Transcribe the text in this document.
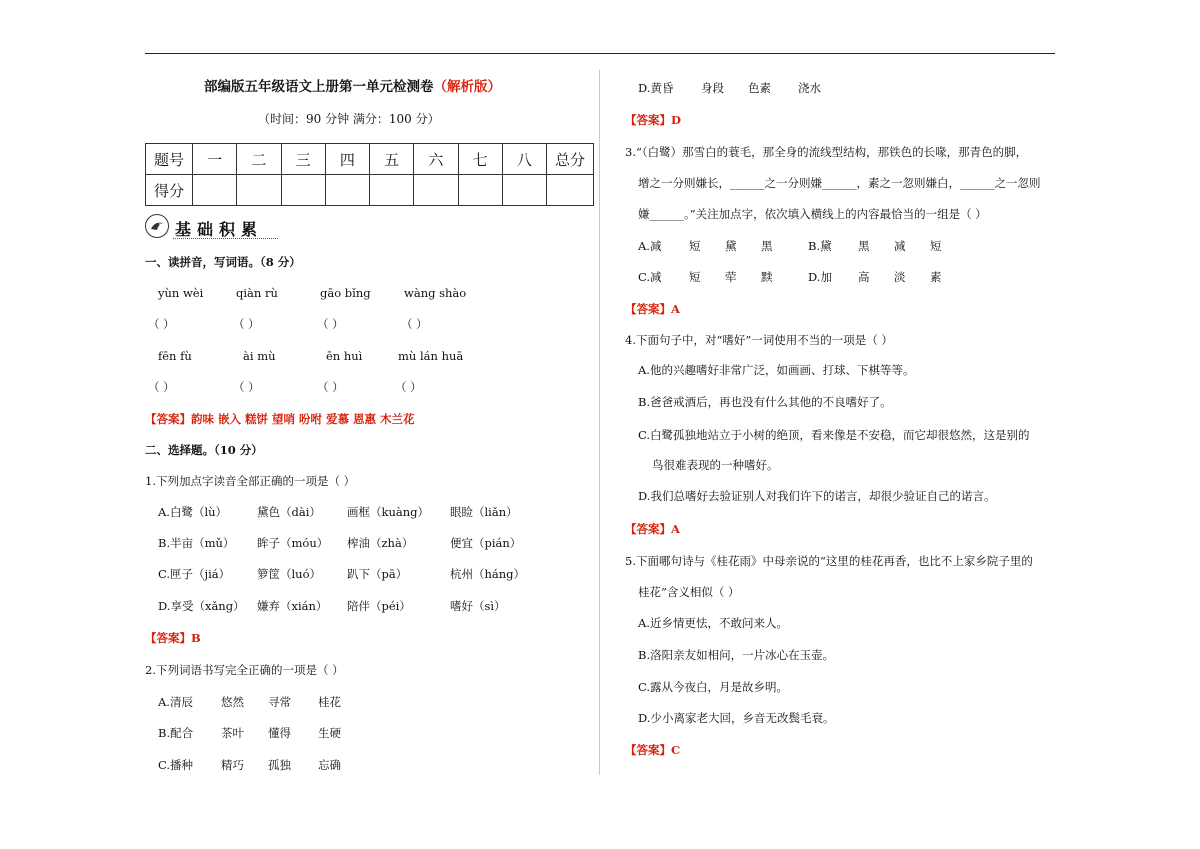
部编版五年级语文上册第一单元检测卷（解析版）
（时间：90 分钟 满分：100 分）
题号	一	二	三	四	五	六	七	八	总分
得分									
基础积累
一、读拼音，写词语。（8 分）
yùn wèi	qiàn rù	gāo bǐng	wàng shào
（ ）	（ ）	（ ）	（ ）
fēn fù	ài mù	ēn huì	mù lán huā
（ ）	（ ）	（ ）	（ ）
【答案】韵味 嵌入 糕饼 望哨 吩咐 爱慕 恩惠 木兰花
二、选择题。（10 分）
1.下列加点字读音全部正确的一项是（ ）
A.白鹭（lù）	黛色（dài） 画框（kuàng） 眼睑（liǎn）
B.半亩（mǔ） 眸子（móu） 榨油（zhà）	便宜（pián）
C.匣子（jiá） 箩筐（luó） 趴下（pā）	杭州（háng）
D.享受（xǎng） 嫌弃（xián） 陪伴（péi）	嗜好（sì）
【答案】B
2.下列词语书写完全正确的一项是（ ）
A.清辰 悠然 寻常 桂花
B.配合 茶叶 懂得 生硬
C.播种 精巧 孤独 忘确
D.黄昏 身段 色素 浇水
【答案】D
3.“（白鹭）那雪白的蓑毛，那全身的流线型结构，那铁色的长喙，那青色的脚，
增之一分则嫌长，______之一分则嫌______，素之一忽则嫌白，______之一忽则
嫌______。”关注加点字，依次填入横线上的内容最恰当的一组是（ ）
A.减 短 黛 黑	B.黛 黑 减 短
C.减 短 荦 黩	D.加 高 淡 素
【答案】A
4.下面句子中，对“嗜好”一词使用不当的一项是（ ）
A.他的兴趣嗜好非常广泛，如画画、打球、下棋等等。
B.爸爸戒酒后，再也没有什么其他的不良嗜好了。
C.白鹭孤独地站立于小树的绝顶，看来像是不安稳，而它却很悠然，这是别的
鸟很难表现的一种嗜好。
D.我们总嗜好去验证别人对我们许下的诺言，却很少验证自己的诺言。
【答案】A
5.下面哪句诗与《桂花雨》中母亲说的“这里的桂花再香，也比不上家乡院子里的
桂花”含义相似（ ）
A.近乡情更怯，不敢问来人。
B.洛阳亲友如相问，一片冰心在玉壶。
C.露从今夜白，月是故乡明。
D.少小离家老大回，乡音无改鬓毛衰。
【答案】C
